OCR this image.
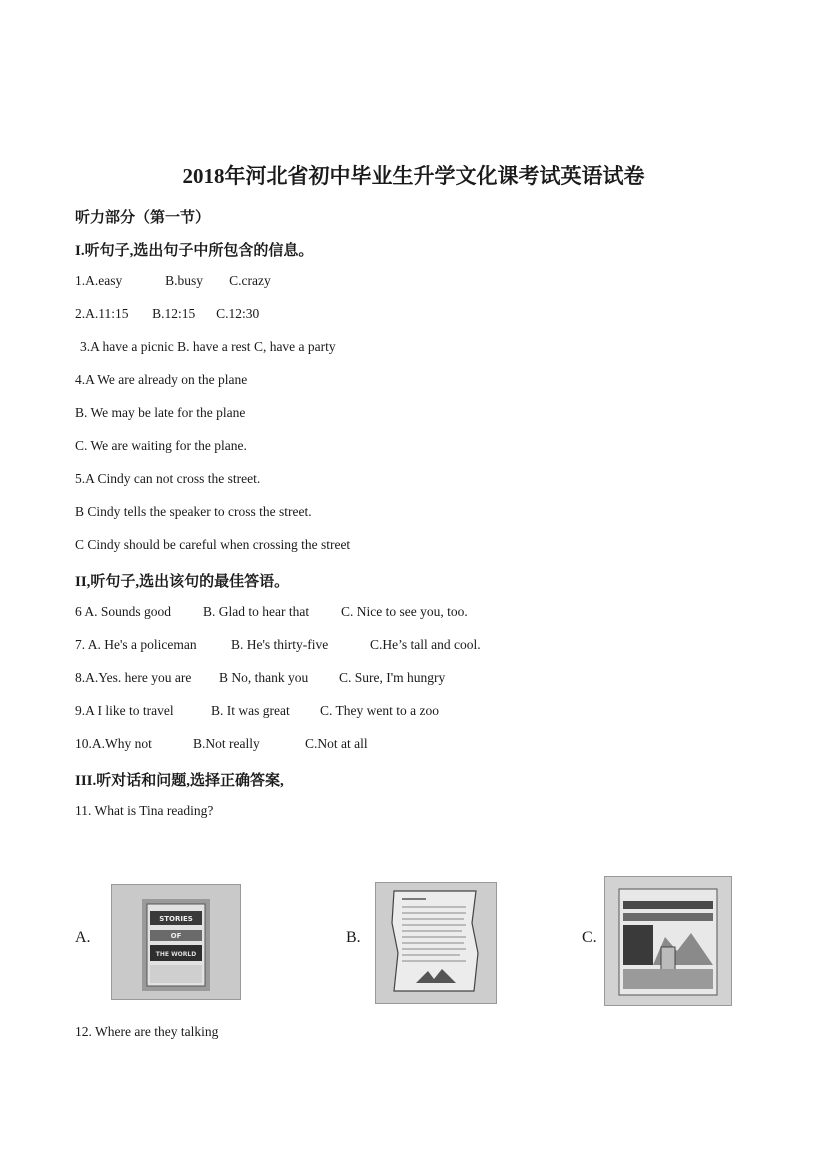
2018年河北省初中毕业生升学文化课考试英语试卷
听力部分（第一节）
I.听句子,选出句子中所包含的信息。
1.A.easy	B.busy C.crazy
2.A.11:15 B.12:15 C.12:30
3.A have a picnic B. have a rest C, have a party
4.A We are already on the plane
B. We may be late for the plane
C. We are waiting for the plane.
5.A Cindy can not cross the street.
B Cindy tells the speaker to cross the street.
C Cindy should be careful when crossing the street
II,听句子,选出该句的最佳答语。
6 A. Sounds good B. Glad to hear that C. Nice to see you, too.
7. A. He's a policeman	B. He's thirty-five	C.He’s tall and cool.
8.A.Yes. here you are B No, thank you C. Sure, I'm hungry
9.A I like to travel	B. It was great C. They went to a zoo
10.A.Why not	B.Not really	C.Not at all
III.听对话和问题,选择正确答案,
11. What is Tina reading?
A.
STORIES
OF
THE WORLD
B.	C.
12. Where are they talking
